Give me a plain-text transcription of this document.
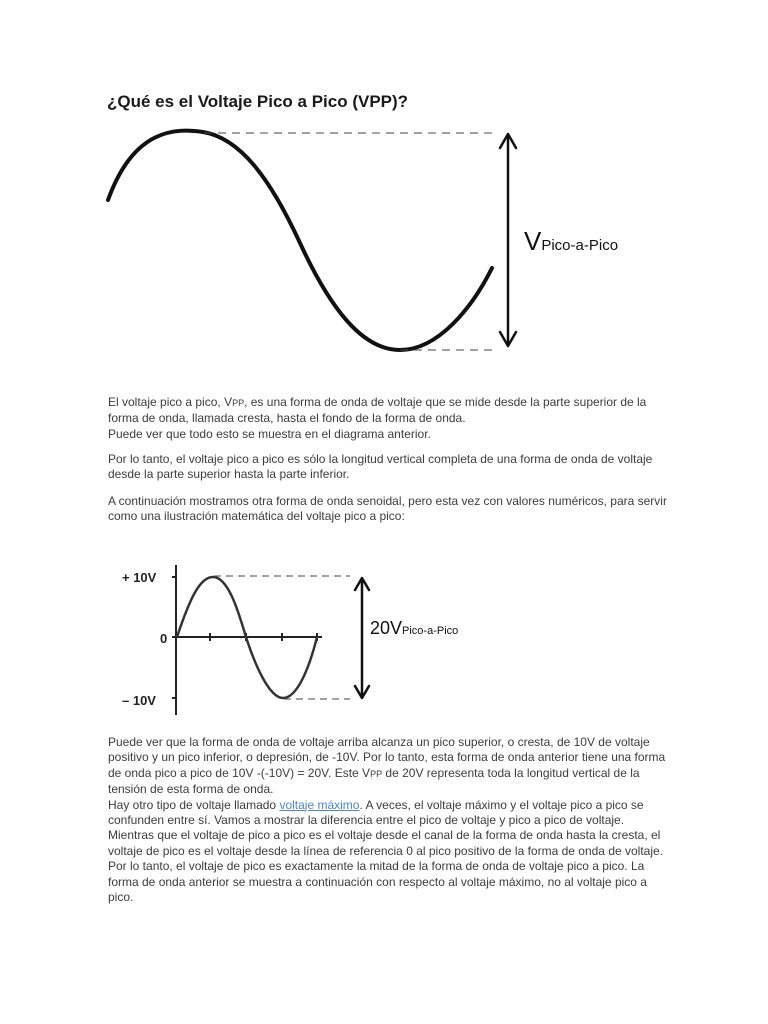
¿Qué es el Voltaje Pico a Pico (VPP)?
VPico-a-Pico

El voltaje pico a pico, VPP, es una forma de onda de voltaje que se mide desde la parte superior de la forma de onda, llamada cresta, hasta el fondo de la forma de onda.
Puede ver que todo esto se muestra en el diagrama anterior.

Por lo tanto, el voltaje pico a pico es sólo la longitud vertical completa de una forma de onda de voltaje desde la parte superior hasta la parte inferior.

A continuación mostramos otra forma de onda senoidal, pero esta vez con valores numéricos, para servir como una ilustración matemática del voltaje pico a pico:

+ 10V
0
– 10V
20VPico-a-Pico

Puede ver que la forma de onda de voltaje arriba alcanza un pico superior, o cresta, de 10V de voltaje positivo y un pico inferior, o depresión, de -10V. Por lo tanto, esta forma de onda anterior tiene una forma de onda pico a pico de 10V -(-10V) = 20V. Este VPP de 20V representa toda la longitud vertical de la tensión de esta forma de onda.
Hay otro tipo de voltaje llamado voltaje máximo. A veces, el voltaje máximo y el voltaje pico a pico se confunden entre sí. Vamos a mostrar la diferencia entre el pico de voltaje y pico a pico de voltaje. Mientras que el voltaje de pico a pico es el voltaje desde el canal de la forma de onda hasta la cresta, el voltaje de pico es el voltaje desde la línea de referencia 0 al pico positivo de la forma de onda de voltaje. Por lo tanto, el voltaje de pico es exactamente la mitad de la forma de onda de voltaje pico a pico. La forma de onda anterior se muestra a continuación con respecto al voltaje máximo, no al voltaje pico a pico.
